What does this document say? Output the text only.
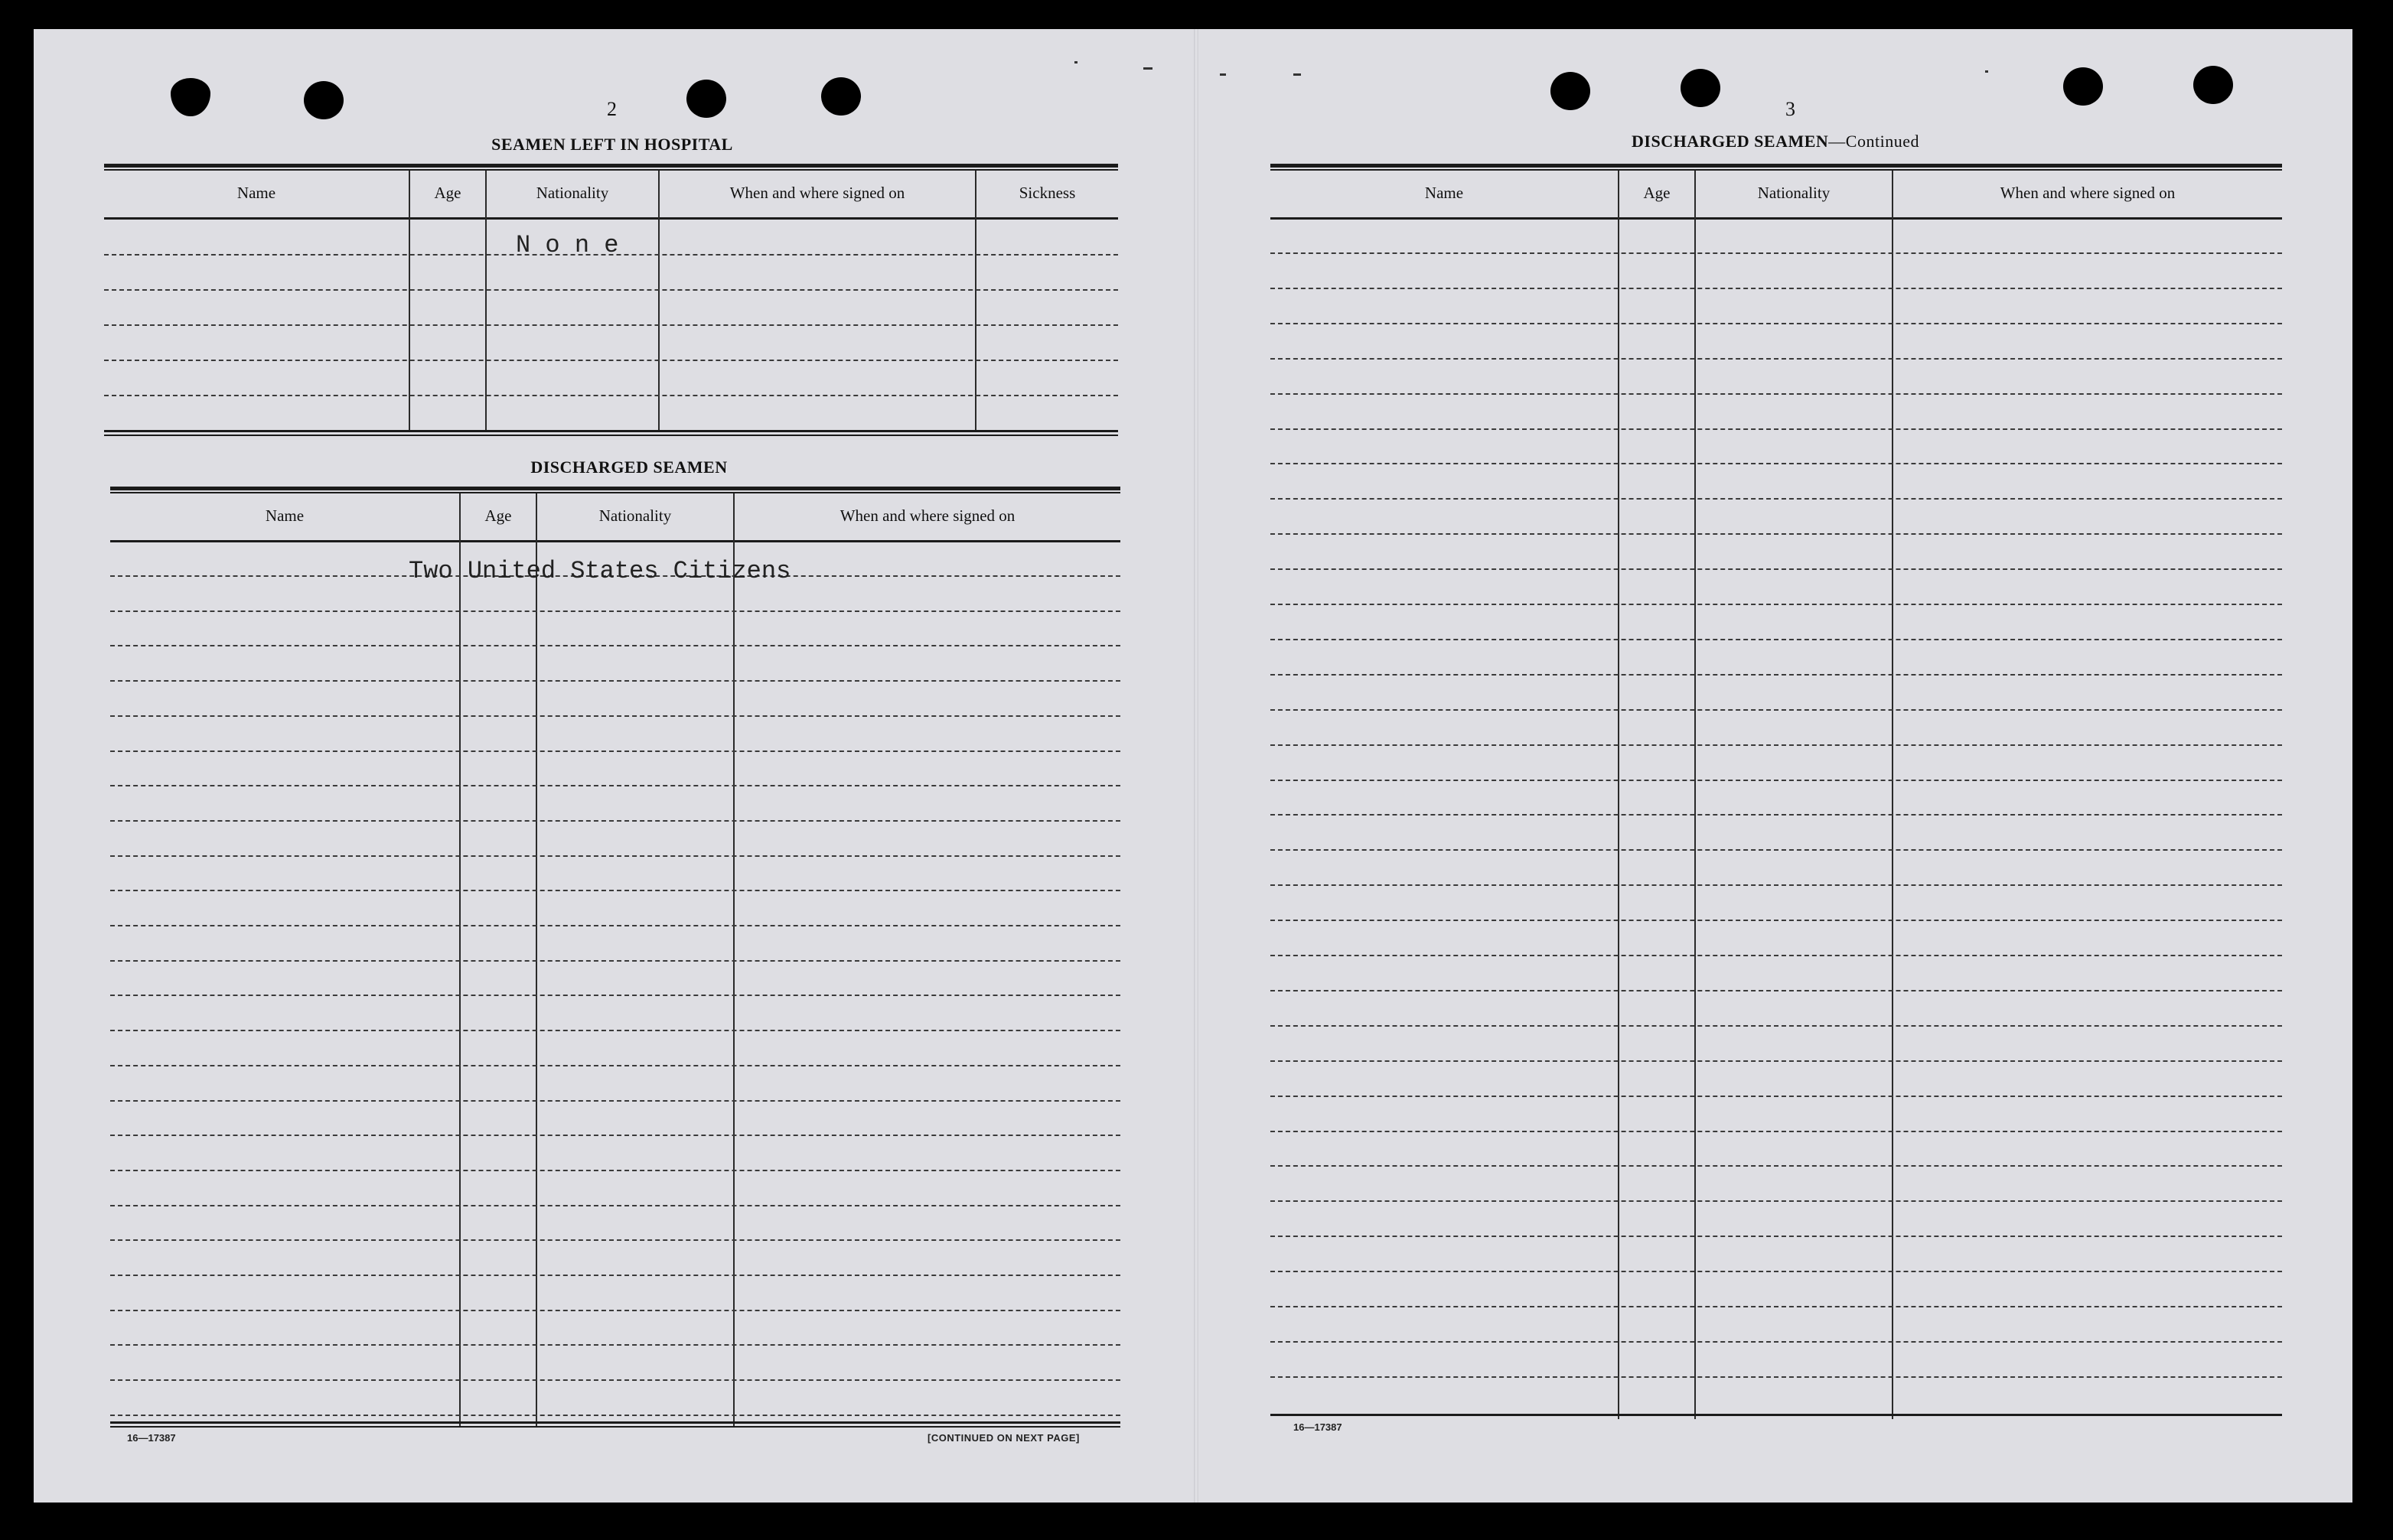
2
SEAMEN LEFT IN HOSPITAL
Name	Age	Nationality	When and where signed on	Sickness
N o n e
DISCHARGED SEAMEN
Name	Age	Nationality	When and where signed on
Two United States Citizens
16—17387	[CONTINUED ON NEXT PAGE]
3
DISCHARGED SEAMEN—Continued
Name	Age	Nationality	When and where signed on
16—17387
